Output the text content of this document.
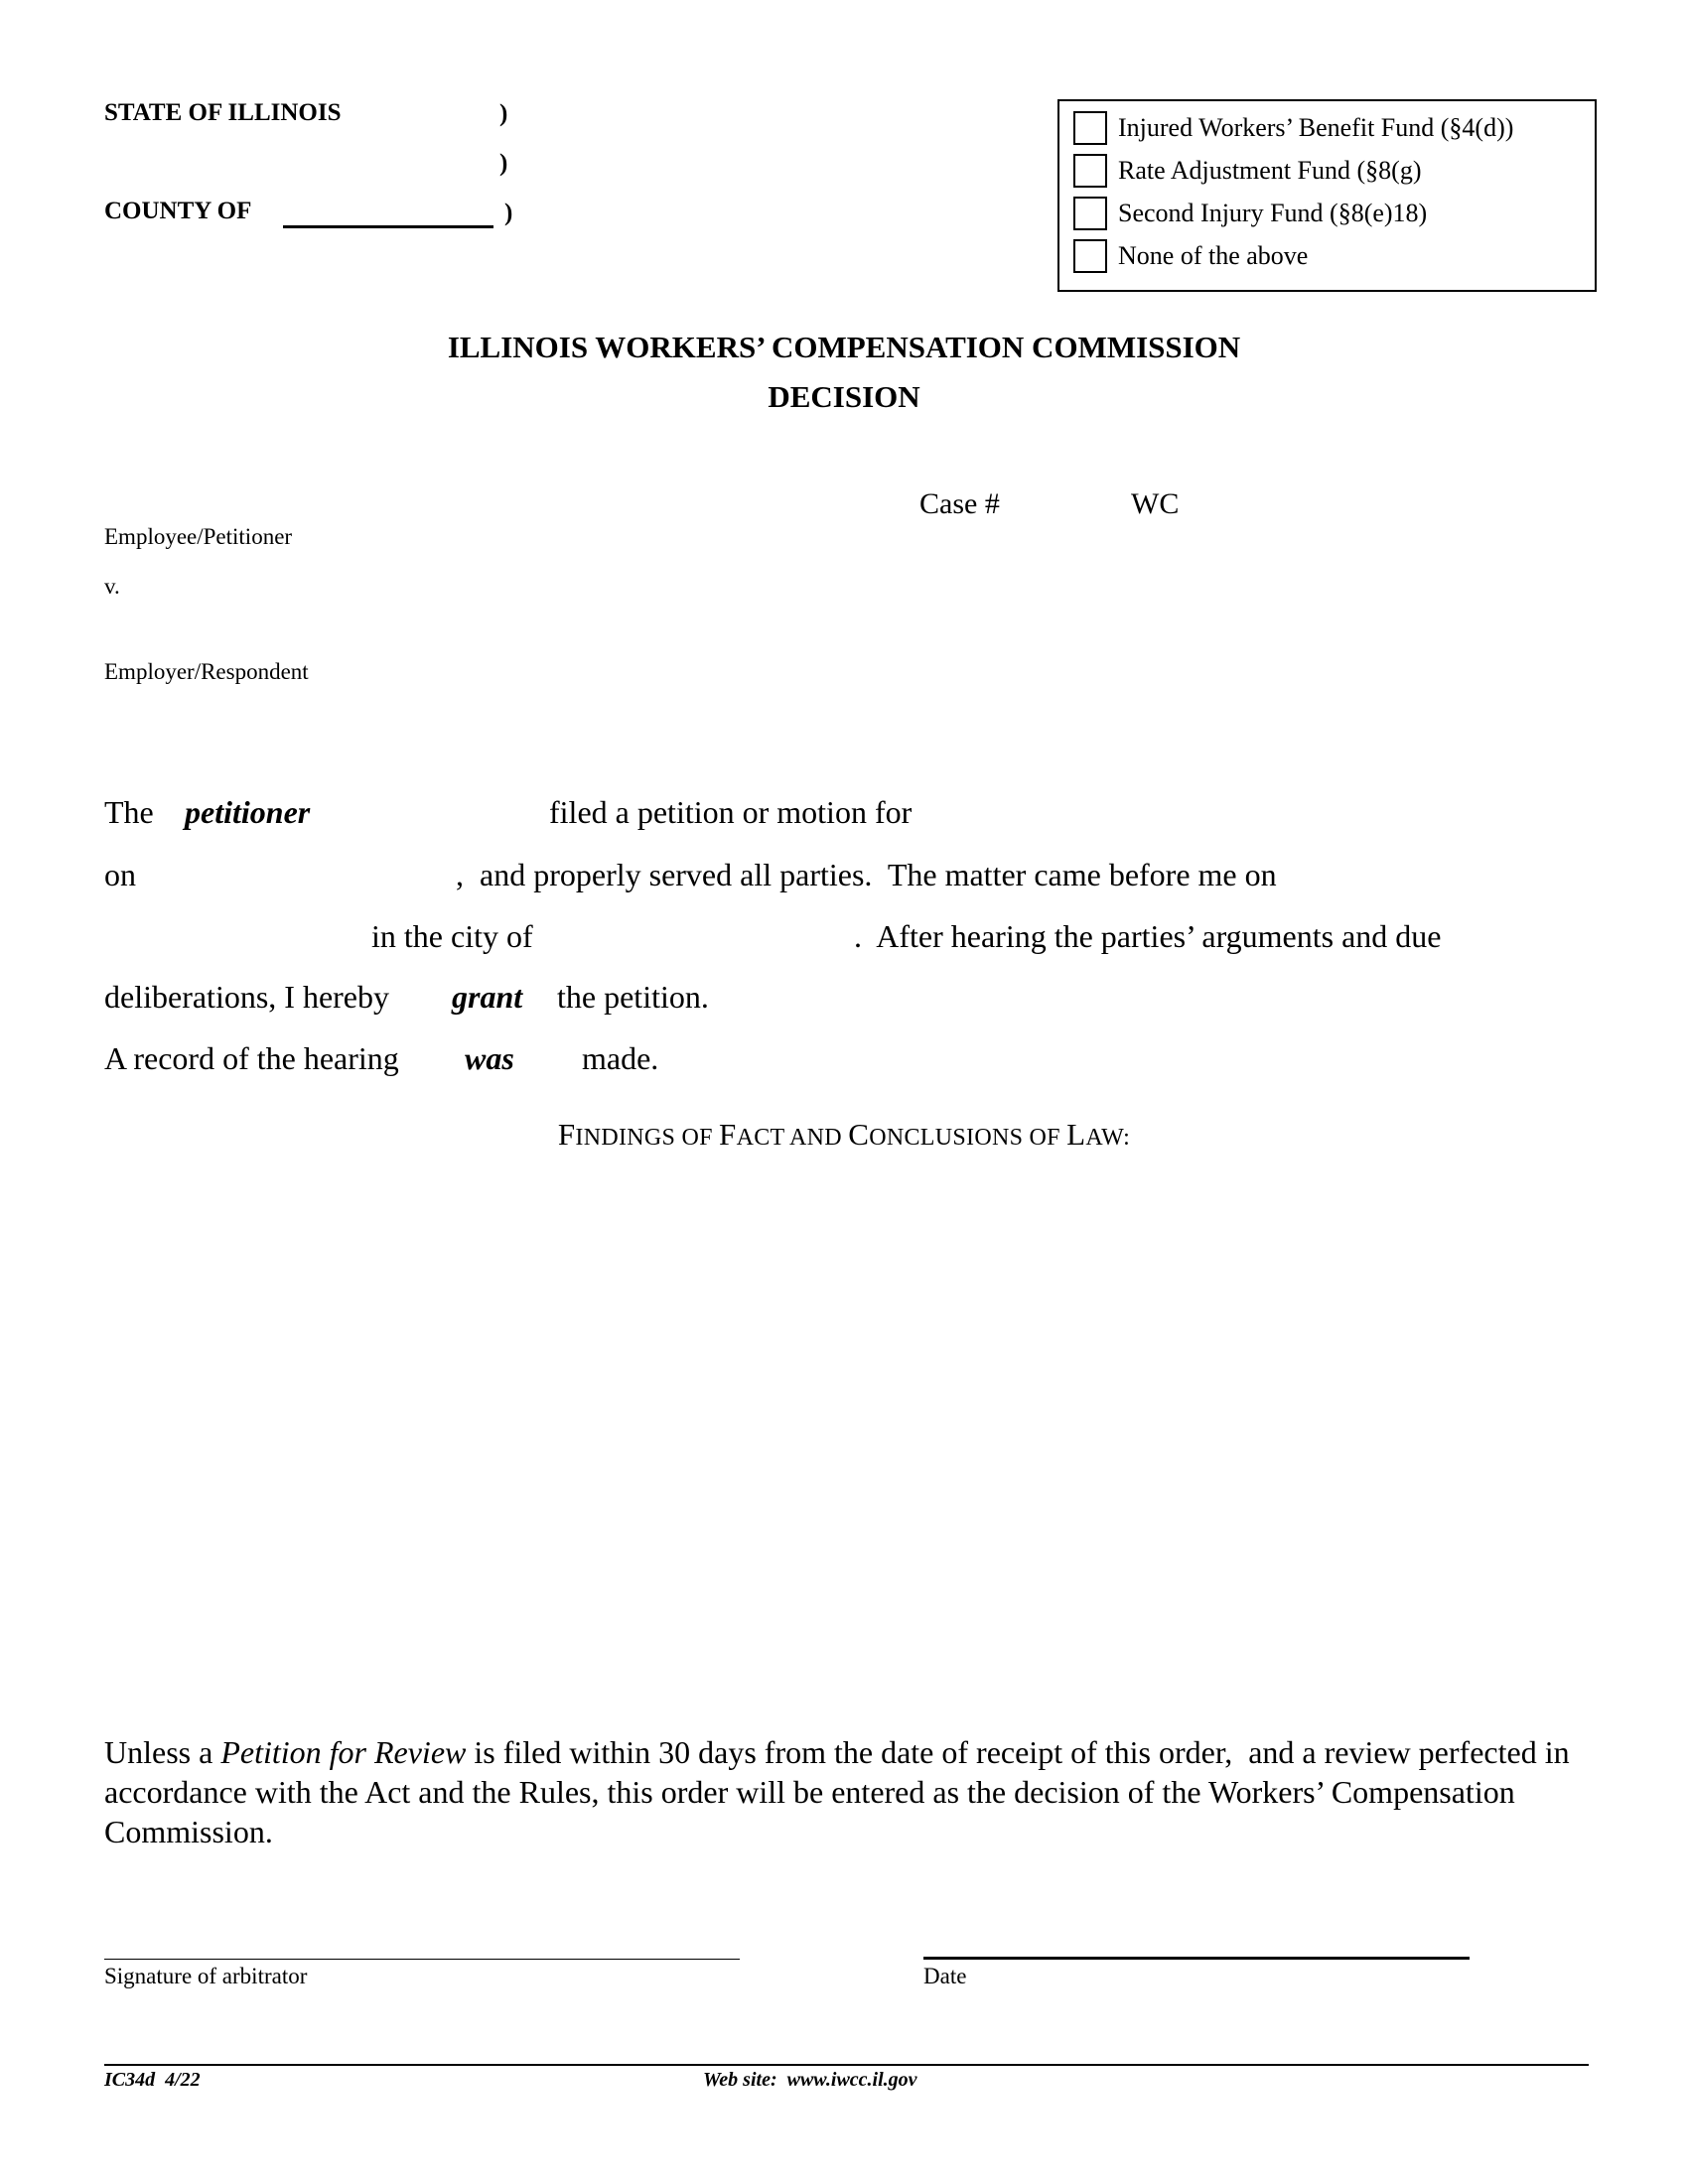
STATE OF ILLINOIS	)
)
COUNTY OF	)
Injured Workers’ Benefit Fund (§4(d))
Rate Adjustment Fund (§8(g)
Second Injury Fund (§8(e)18)
None of the above
ILLINOIS WORKERS’ COMPENSATION COMMISSION
DECISION
Case #	WC
Employee/Petitioner
v.
Employer/Respondent
The petitioner	filed a petition or motion for
on	,  and properly served all parties.  The matter came before me on
in the city of	.  After hearing the parties’ arguments and due
deliberations, I hereby grant the petition.
A record of the hearing was made.
FINDINGS OF FACT AND CONCLUSIONS OF LAW:
Unless a Petition for Review is filed within 30 days from the date of receipt of this order,  and a review perfected in accordance with the Act and the Rules, this order will be entered as the decision of the Workers’ Compensation Commission.
Signature of arbitrator	Date
IC34d  4/22	Web site:  www.iwcc.il.gov
